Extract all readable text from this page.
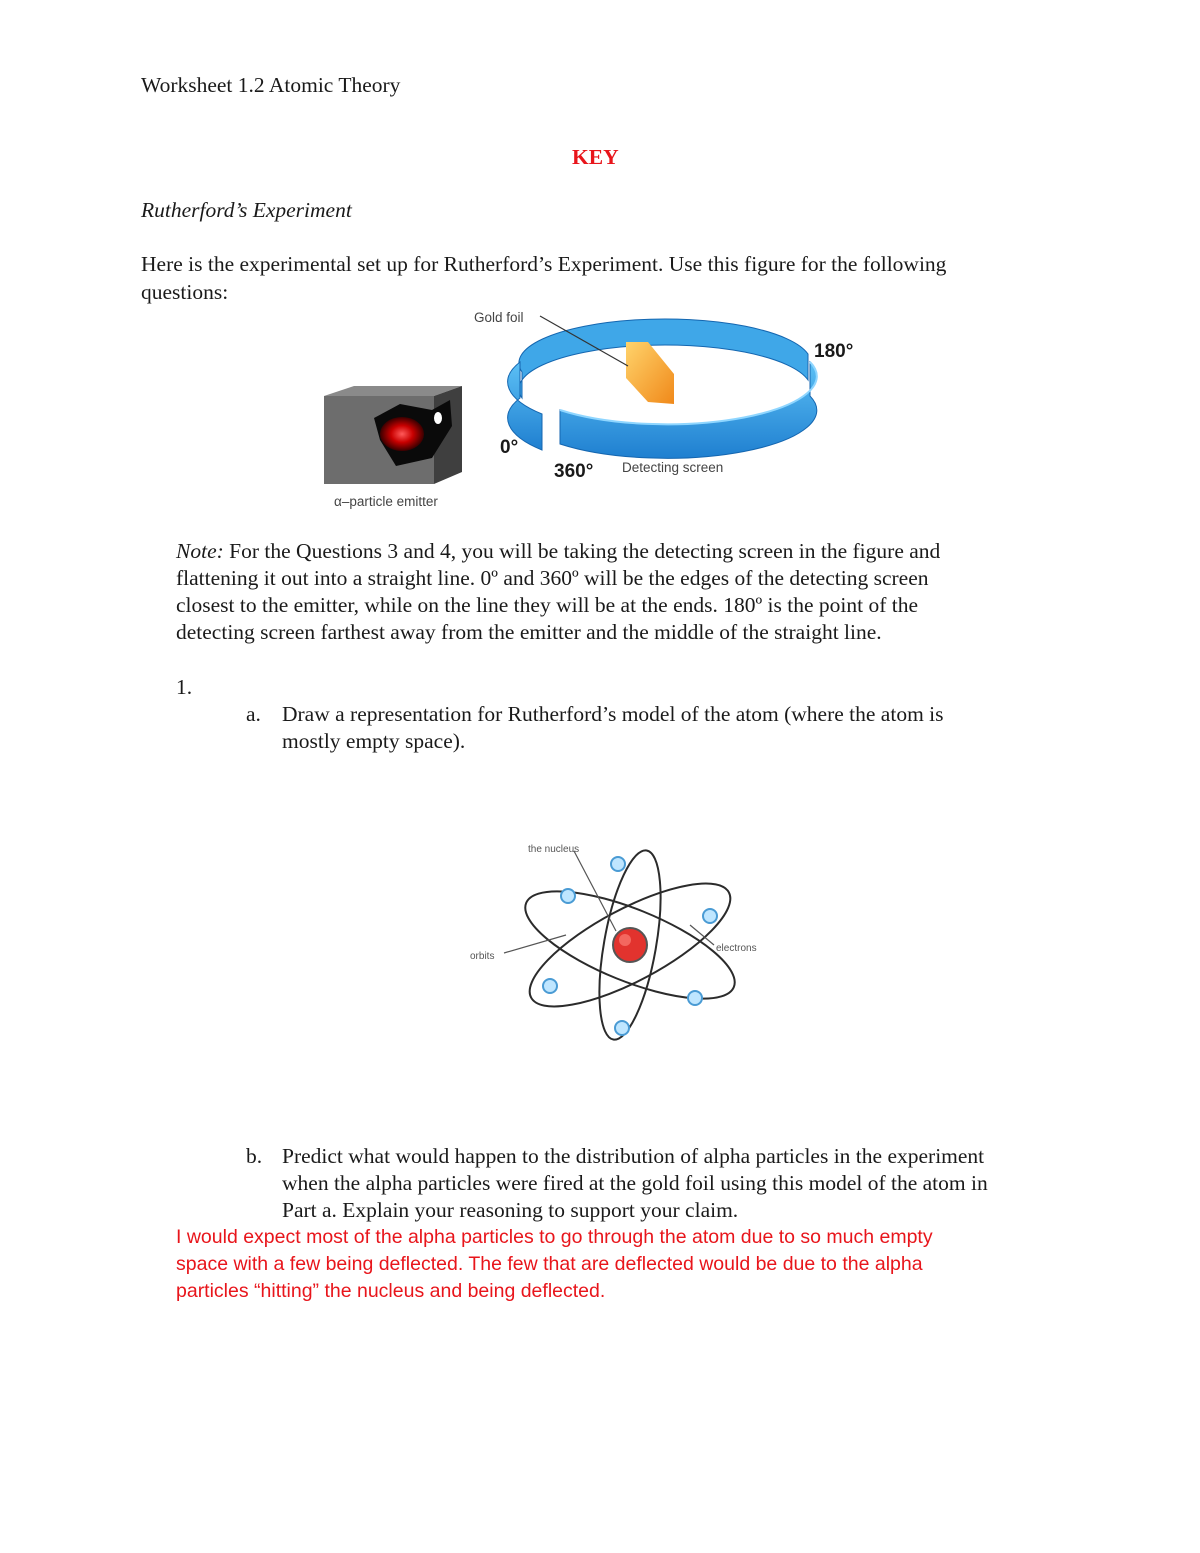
Worksheet 1.2 Atomic Theory
KEY
Rutherford’s Experiment
Here is the experimental set up for Rutherford’s Experiment. Use this figure for the following
questions:
Gold foil
180°
0°
360° Detecting screen
α–particle emitter
Note: For the Questions 3 and 4, you will be taking the detecting screen in the figure and
flattening it out into a straight line. 0º and 360º will be the edges of the detecting screen
closest to the emitter, while on the line they will be at the ends. 180º is the point of the
detecting screen farthest away from the emitter and the middle of the straight line.
1.
a. Draw a representation for Rutherford’s model of the atom (where the atom is
mostly empty space).
the nucleus
orbits
electrons
b. Predict what would happen to the distribution of alpha particles in the experiment
when the alpha particles were fired at the gold foil using this model of the atom in
Part a. Explain your reasoning to support your claim.
I would expect most of the alpha particles to go through the atom due to so much empty
space with a few being deflected. The few that are deflected would be due to the alpha
particles “hitting” the nucleus and being deflected.
